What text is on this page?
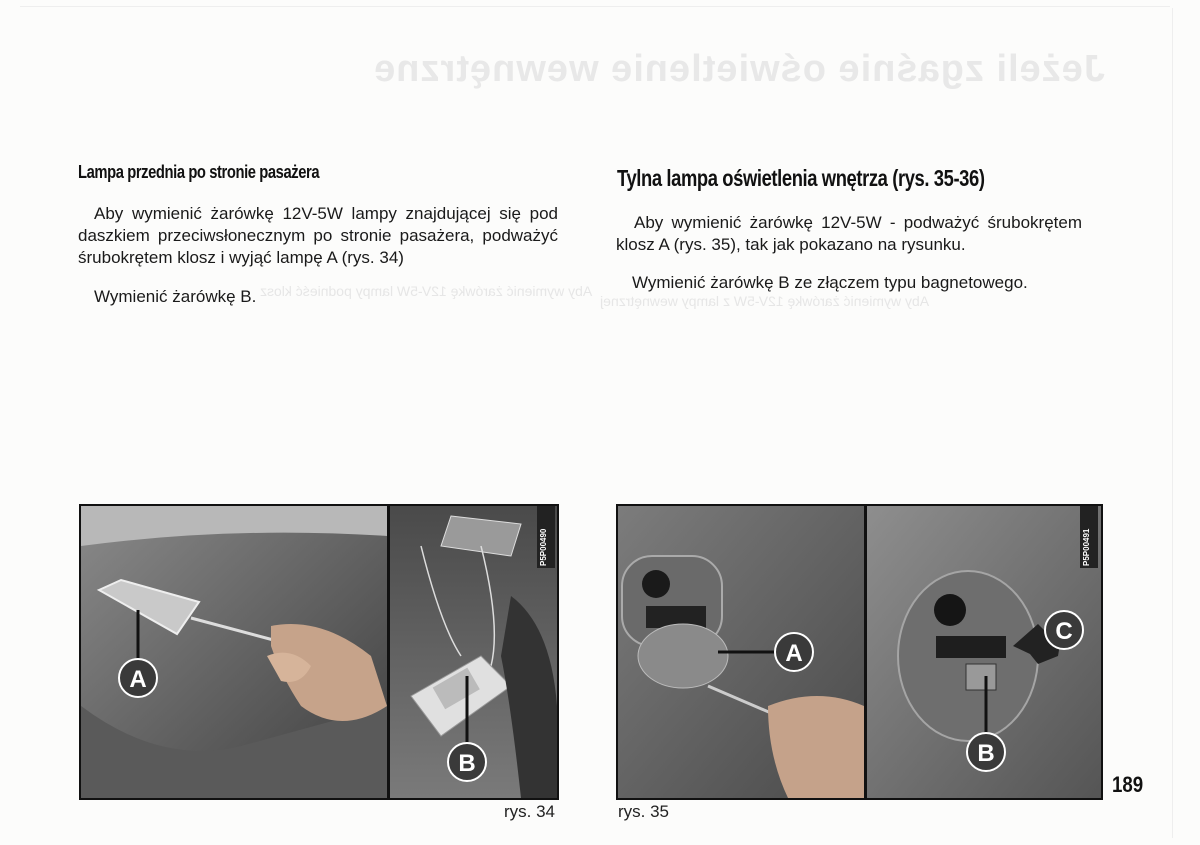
Jeżeli zgaśnie oświetlenie wewnętrzne
Aby wymienić żarówkę 12V-5W lampy podnieść klosz
Aby wymienić żarówkę 12V-5W z lampy wewnętrznej
Lampa przednia po stronie pasażera
Aby wymienić żarówkę 12V-5W lampy znajdującej się pod daszkiem przeciwsłonecznym po stronie pasażera, podważyć śrubokrętem klosz i wyjąć lampę A (rys. 34)
Wymienić żarówkę B.
Tylna lampa oświetlenia wnętrza (rys. 35-36)
Aby wymienić żarówkę 12V-5W - podważyć śrubokrętem klosz A (rys. 35), tak jak pokazano na rysunku.
Wymienić żarówkę B ze złączem typu bagnetowego.
A
B
P5P00490
rys. 34
A
B
C
P5P00491
rys. 35
189
